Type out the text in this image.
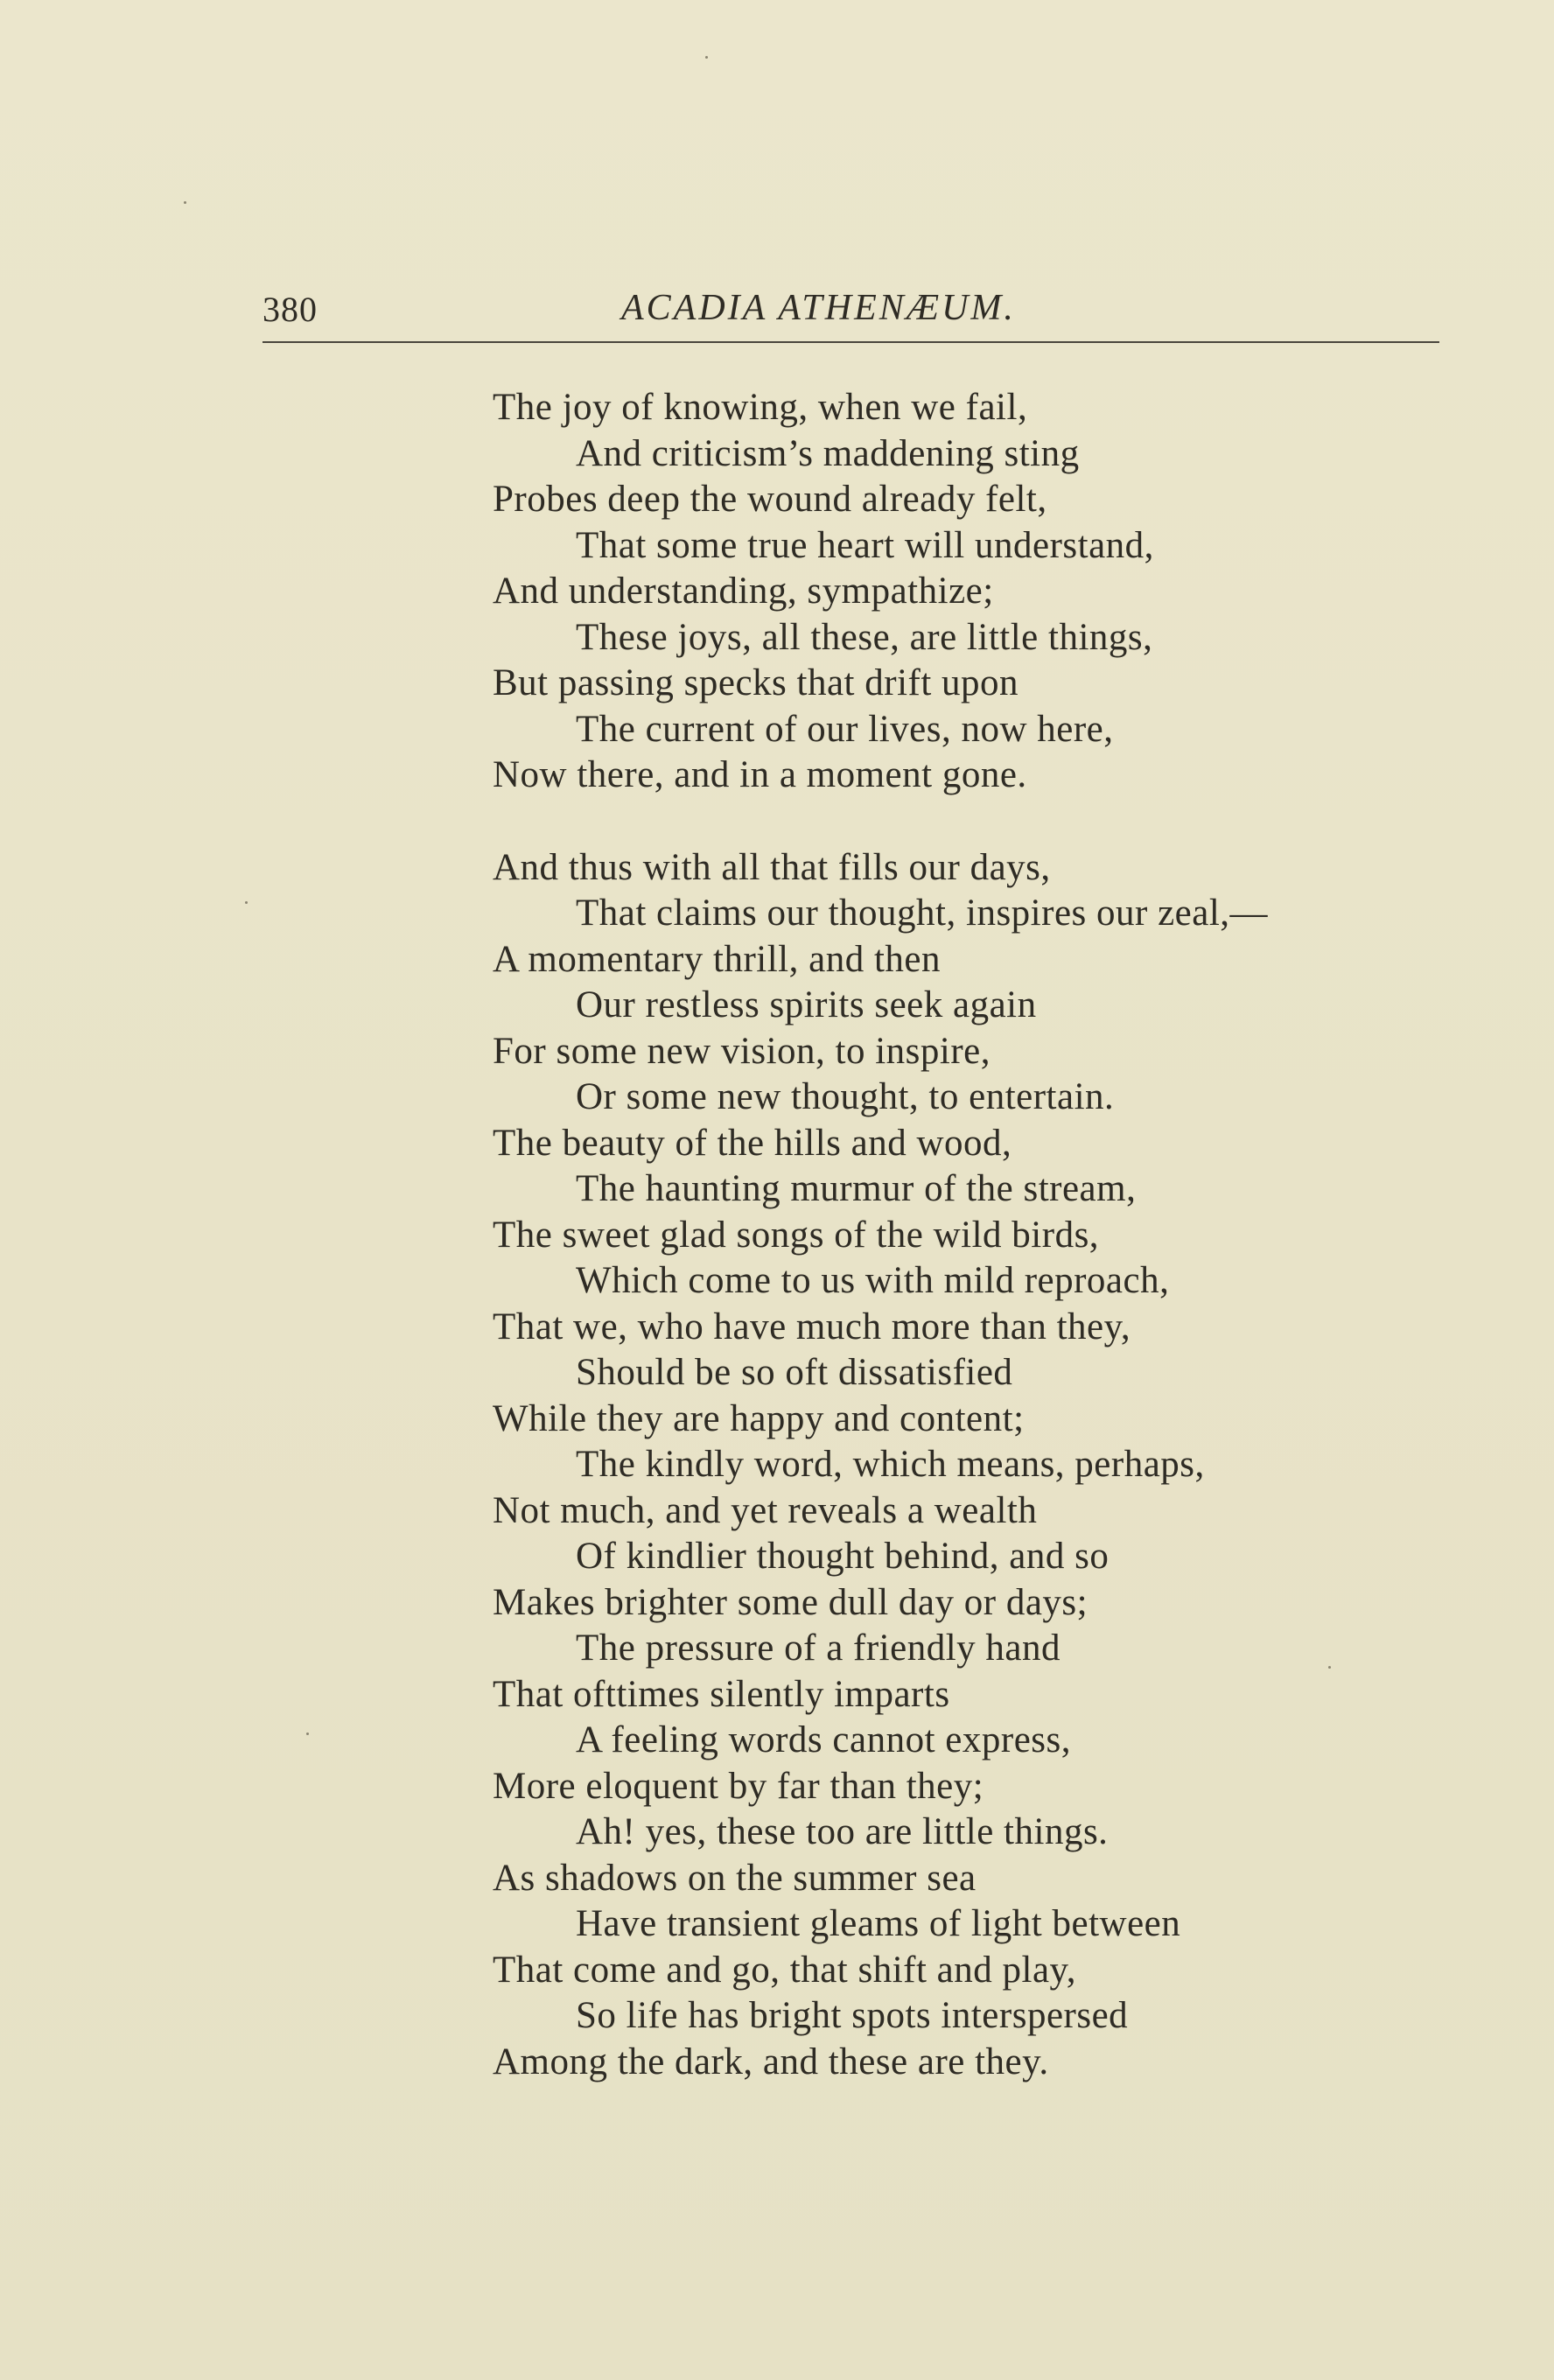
380	ACADIA ATHENÆUM.
The joy of knowing, when we fail,
And criticism’s maddening sting
Probes deep the wound already felt,
That some true heart will understand,
And understanding, sympathize;
These joys, all these, are little things,
But passing specks that drift upon
The current of our lives, now here,
Now there, and in a moment gone.
And thus with all that fills our days,
That claims our thought, inspires our zeal,—
A momentary thrill, and then
Our restless spirits seek again
For some new vision, to inspire,
Or some new thought, to entertain.
The beauty of the hills and wood,
The haunting murmur of the stream,
The sweet glad songs of the wild birds,
Which come to us with mild reproach,
That we, who have much more than they,
Should be so oft dissatisfied
While they are happy and content;
The kindly word, which means, perhaps,
Not much, and yet reveals a wealth
Of kindlier thought behind, and so
Makes brighter some dull day or days;
The pressure of a friendly hand
That ofttimes silently imparts
A feeling words cannot express,
More eloquent by far than they;
Ah! yes, these too are little things.
As shadows on the summer sea
Have transient gleams of light between
That come and go, that shift and play,
So life has bright spots interspersed
Among the dark, and these are they.
